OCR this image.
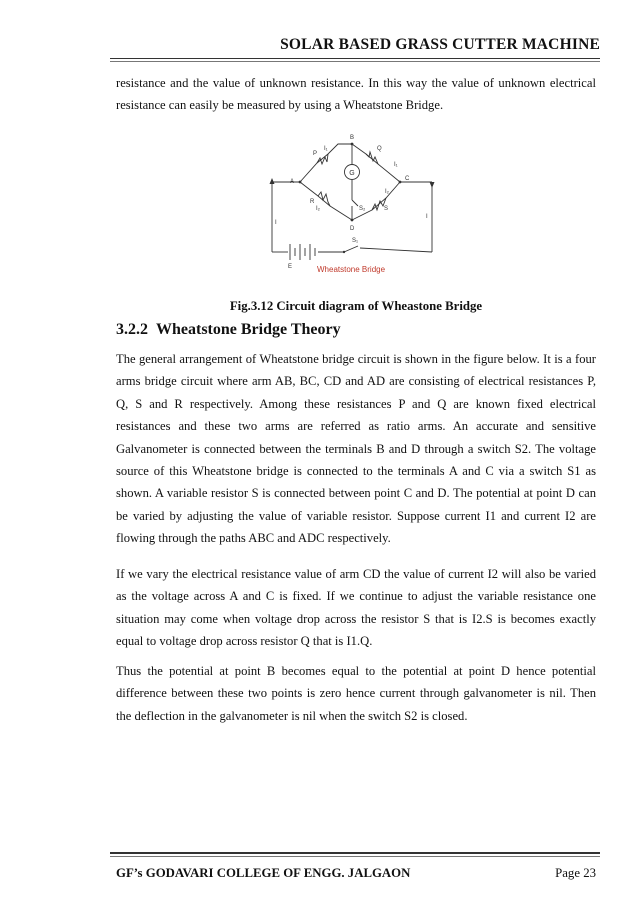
SOLAR BASED GRASS CUTTER MACHINE

resistance and the value of unknown resistance. In this way the value of unknown electrical resistance can easily be measured by using a Wheatstone Bridge.

G
B
A	C
D
P
Q
R
S
S₂
S₁
I₁
I₁
I₂
I₂
I
I
E	Wheatstone Bridge
Fig.3.12 Circuit diagram of Wheastone Bridge
3.2.2 Wheatstone Bridge Theory

The general arrangement of Wheatstone bridge circuit is shown in the figure below. It is a four arms bridge circuit where arm AB, BC, CD and AD are consisting of electrical resistances P, Q, S and R respectively. Among these resistances P and Q are known fixed electrical resistances and these two arms are referred as ratio arms. An accurate and sensitive Galvanometer is connected between the terminals B and D through a switch S2. The voltage source of this Wheatstone bridge is connected to the terminals A and C via a switch S1 as shown. A variable resistor S is connected between point C and D. The potential at point D can be varied by adjusting the value of variable resistor. Suppose current I1 and current I2 are flowing through the paths ABC and ADC respectively.

If we vary the electrical resistance value of arm CD the value of current I2 will also be varied as the voltage across A and C is fixed. If we continue to adjust the variable resistance one situation may come when voltage drop across the resistor S that is I2.S is becomes exactly equal to voltage drop across resistor Q that is I1.Q.

Thus the potential at point B becomes equal to the potential at point D hence potential difference between these two points is zero hence current through galvanometer is nil. Then the deflection in the galvanometer is nil when the switch S2 is closed.

GF’s GODAVARI COLLEGE OF ENGG. JALGAON	Page 23
